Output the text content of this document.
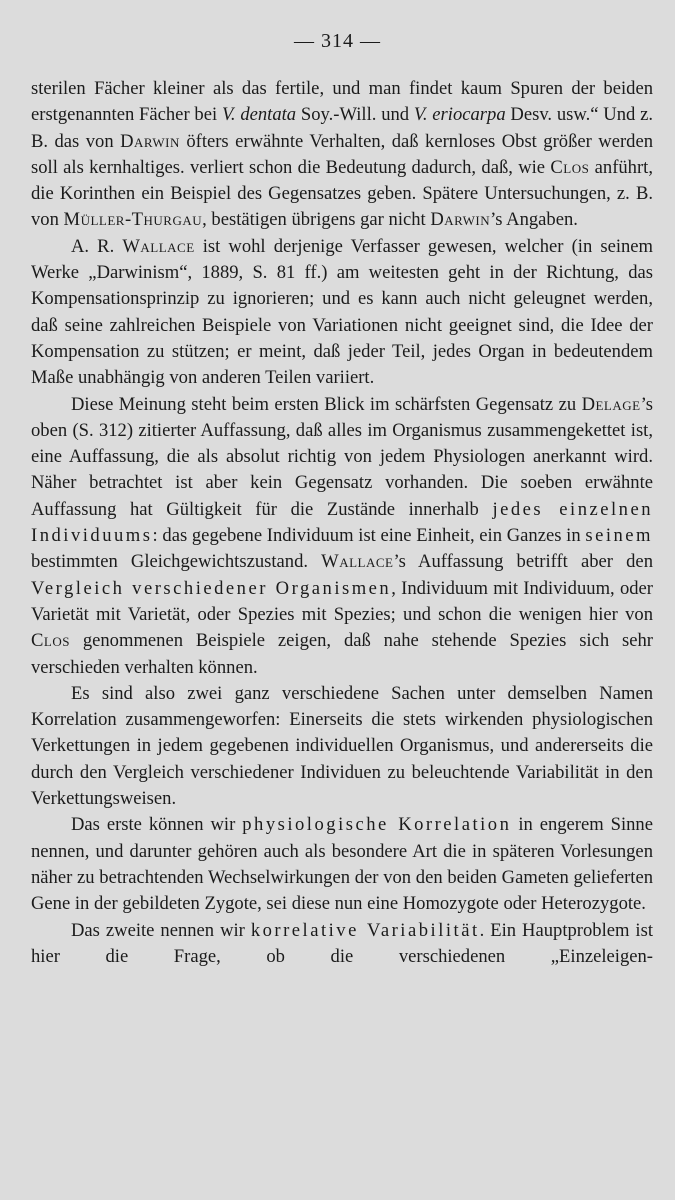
— 314 —

sterilen Fächer kleiner als das fertile, und man findet kaum Spuren der beiden erstgenannten Fächer bei V. dentata Soy.-Will. und V. eriocarpa Desv. usw.“ Und z. B. das von Darwin öfters erwähnte Verhalten, daß kernloses Obst größer werden soll als kernhaltiges. verliert schon die Bedeutung dadurch, daß, wie Clos anführt, die Korinthen ein Beispiel des Gegensatzes geben. Spätere Untersuchungen, z. B. von Müller-Thurgau, bestätigen übrigens gar nicht Darwin’s Angaben.

A. R. Wallace ist wohl derjenige Verfasser gewesen, welcher (in seinem Werke „Darwinism“, 1889, S. 81 ff.) am weitesten geht in der Richtung, das Kompensationsprinzip zu ignorieren; und es kann auch nicht geleugnet werden, daß seine zahlreichen Beispiele von Variationen nicht geeignet sind, die Idee der Kompensation zu stützen; er meint, daß jeder Teil, jedes Organ in bedeutendem Maße unabhängig von anderen Teilen variiert.

Diese Meinung steht beim ersten Blick im schärfsten Gegensatz zu Delage’s oben (S. 312) zitierter Auffassung, daß alles im Organismus zusammengekettet ist, eine Auffassung, die als absolut richtig von jedem Physiologen anerkannt wird. Näher betrachtet ist aber kein Gegensatz vorhanden. Die soeben erwähnte Auffassung hat Gültigkeit für die Zustände innerhalb jedes einzelnen Individuums: das gegebene Individuum ist eine Einheit, ein Ganzes in seinem bestimmten Gleichgewichtszustand. Wallace’s Auffassung betrifft aber den Vergleich verschiedener Organismen, Individuum mit Individuum, oder Varietät mit Varietät, oder Spezies mit Spezies; und schon die wenigen hier von Clos genommenen Beispiele zeigen, daß nahe stehende Spezies sich sehr verschieden verhalten können.

Es sind also zwei ganz verschiedene Sachen unter demselben Namen Korrelation zusammengeworfen: Einerseits die stets wirkenden physiologischen Verkettungen in jedem gegebenen individuellen Organismus, und andererseits die durch den Vergleich verschiedener Individuen zu beleuchtende Variabilität in den Verkettungsweisen.

Das erste können wir physiologische Korrelation in engerem Sinne nennen, und darunter gehören auch als besondere Art die in späteren Vorlesungen näher zu betrachtenden Wechselwirkungen der von den beiden Gameten gelieferten Gene in der gebildeten Zygote, sei diese nun eine Homozygote oder Heterozygote.

Das zweite nennen wir korrelative Variabilität. Ein Hauptproblem ist hier die Frage, ob die verschiedenen „Einzeleigen-
